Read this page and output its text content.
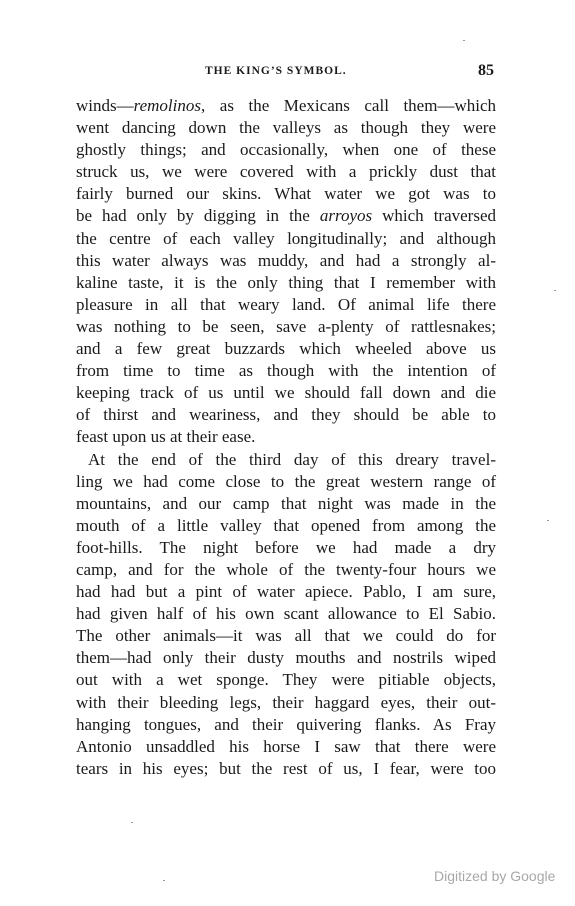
THE KING’S SYMBOL.	85
winds—remolinos, as the Mexicans call them—which
went dancing down the valleys as though they were
ghostly things; and occasionally, when one of these
struck us, we were covered with a prickly dust that
fairly burned our skins. What water we got was to
be had only by digging in the arroyos which traversed
the centre of each valley longitudinally; and although
this water always was muddy, and had a strongly al-
kaline taste, it is the only thing that I remember with
pleasure in all that weary land. Of animal life there
was nothing to be seen, save a-plenty of rattlesnakes;
and a few great buzzards which wheeled above us
from time to time as though with the intention of
keeping track of us until we should fall down and die
of thirst and weariness, and they should be able to
feast upon us at their ease.
At the end of the third day of this dreary travel-
ling we had come close to the great western range of
mountains, and our camp that night was made in the
mouth of a little valley that opened from among the
foot-hills. The night before we had made a dry
camp, and for the whole of the twenty-four hours we
had had but a pint of water apiece. Pablo, I am sure,
had given half of his own scant allowance to El Sabio.
The other animals—it was all that we could do for
them—had only their dusty mouths and nostrils wiped
out with a wet sponge. They were pitiable objects,
with their bleeding legs, their haggard eyes, their out-
hanging tongues, and their quivering flanks. As Fray
Antonio unsaddled his horse I saw that there were
tears in his eyes; but the rest of us, I fear, were too
Digitized by Google
